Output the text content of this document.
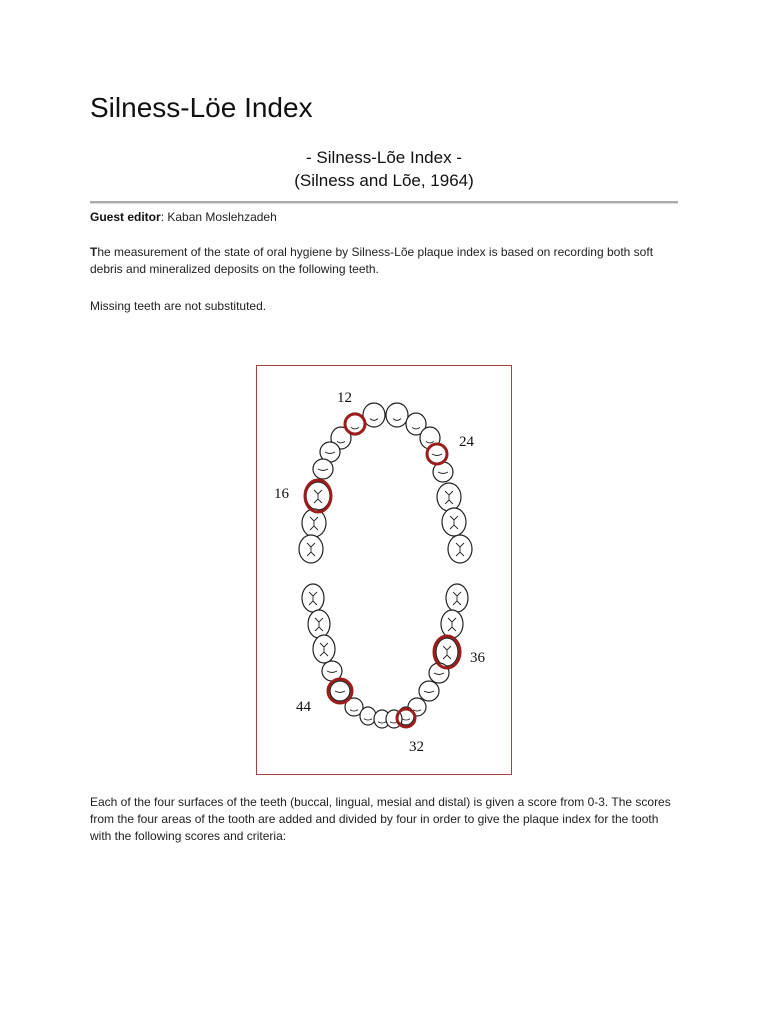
Silness-Löe Index
- Silness-Lõe Index -
(Silness and Lõe, 1964)

Guest editor: Kaban Moslehzadeh

The measurement of the state of oral hygiene by Silness-Lõe plaque index is based on recording both soft debris and mineralized deposits on the following teeth.

Missing teeth are not substituted.

12
24
16
36
44
32

Each of the four surfaces of the teeth (buccal, lingual, mesial and distal) is given a score from 0-3. The scores from the four areas of the tooth are added and divided by four in order to give the plaque index for the tooth with the following scores and criteria:
